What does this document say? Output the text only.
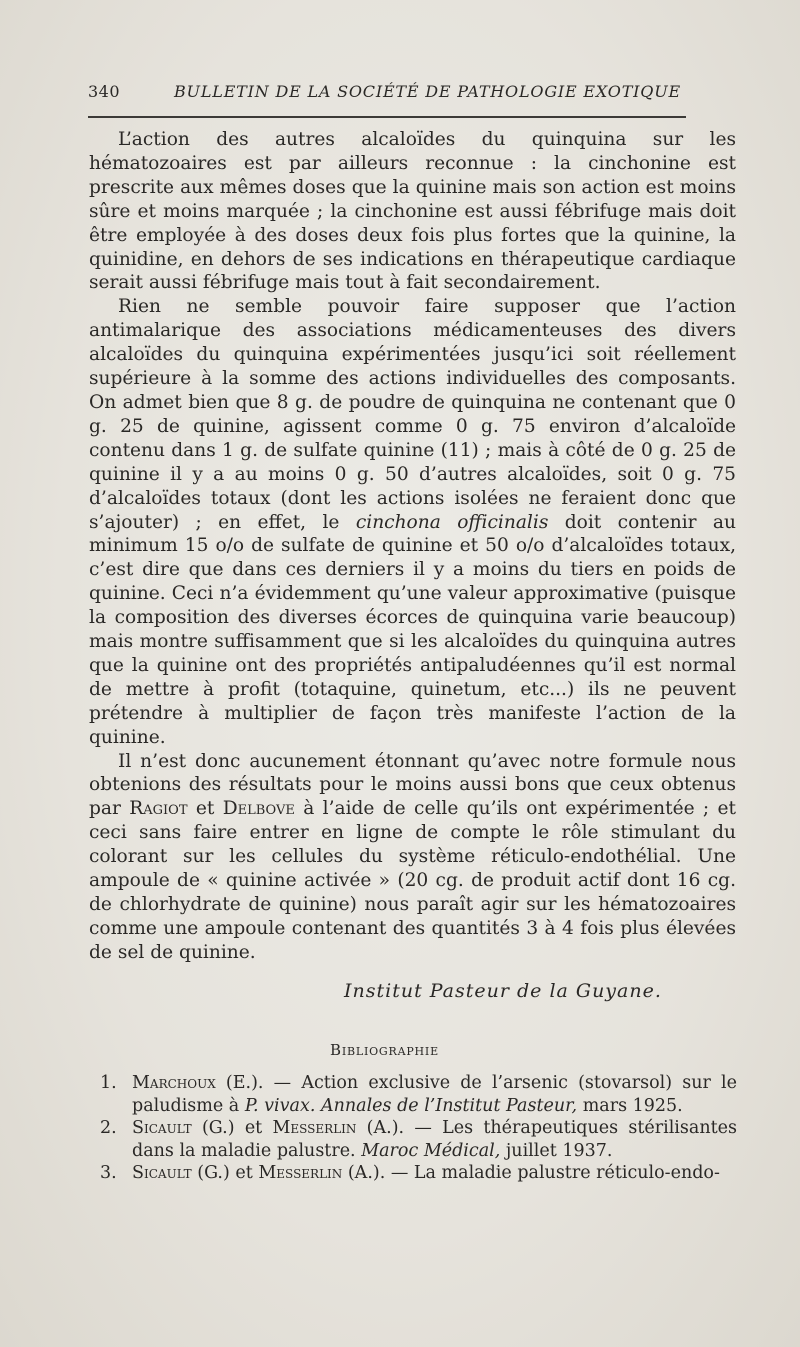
340	BULLETIN DE LA SOCIÉTÉ DE PATHOLOGIE EXOTIQUE

L’action des autres alcaloïdes du quinquina sur les hématozoaires est par ailleurs reconnue : la cinchonine est prescrite aux mêmes doses que la quinine mais son action est moins sûre et moins marquée ; la cinchonine est aussi fébrifuge mais doit être employée à des doses deux fois plus fortes que la quinine, la quinidine, en dehors de ses indications en thérapeutique cardiaque serait aussi fébrifuge mais tout à fait secondairement.

Rien ne semble pouvoir faire supposer que l’action antimalarique des associations médicamenteuses des divers alcaloïdes du quinquina expérimentées jusqu’ici soit réellement supérieure à la somme des actions individuelles des composants. On admet bien que 8 g. de poudre de quinquina ne contenant que 0 g. 25 de quinine, agissent comme 0 g. 75 environ d’alcaloïde contenu dans 1 g. de sulfate quinine (11) ; mais à côté de 0 g. 25 de quinine il y a au moins 0 g. 50 d’autres alcaloïdes, soit 0 g. 75 d’alcaloïdes totaux (dont les actions isolées ne feraient donc que s’ajouter) ; en effet, le cinchona officinalis doit contenir au minimum 15 o/o de sulfate de quinine et 50 o/o d’alcaloïdes totaux, c’est dire que dans ces derniers il y a moins du tiers en poids de quinine. Ceci n’a évidemment qu’une valeur approximative (puisque la composition des diverses écorces de quinquina varie beaucoup) mais montre suffisamment que si les alcaloïdes du quinquina autres que la quinine ont des propriétés antipaludéennes qu’il est normal de mettre à profit (totaquine, quinetum, etc...) ils ne peuvent prétendre à multiplier de façon très manifeste l’action de la quinine.

Il n’est donc aucunement étonnant qu’avec notre formule nous obtenions des résultats pour le moins aussi bons que ceux obtenus par Ragiot et Delbove à l’aide de celle qu’ils ont expérimentée ; et ceci sans faire entrer en ligne de compte le rôle stimulant du colorant sur les cellules du système réticulo-endothélial. Une ampoule de « quinine activée » (20 cg. de produit actif dont 16 cg. de chlorhydrate de quinine) nous paraît agir sur les hématozoaires comme une ampoule contenant des quantités 3 à 4 fois plus élevées de sel de quinine.

Institut Pasteur de la Guyane.
Bibliographie
1. Marchoux (E.). — Action exclusive de l’arsenic (stovarsol) sur le paludisme à P. vivax. Annales de l’Institut Pasteur, mars 1925.
2. Sicault (G.) et Messerlin (A.). — Les thérapeutiques stérilisantes dans la maladie palustre. Maroc Médical, juillet 1937.
3. Sicault (G.) et Messerlin (A.). — La maladie palustre réticulo-endo-
